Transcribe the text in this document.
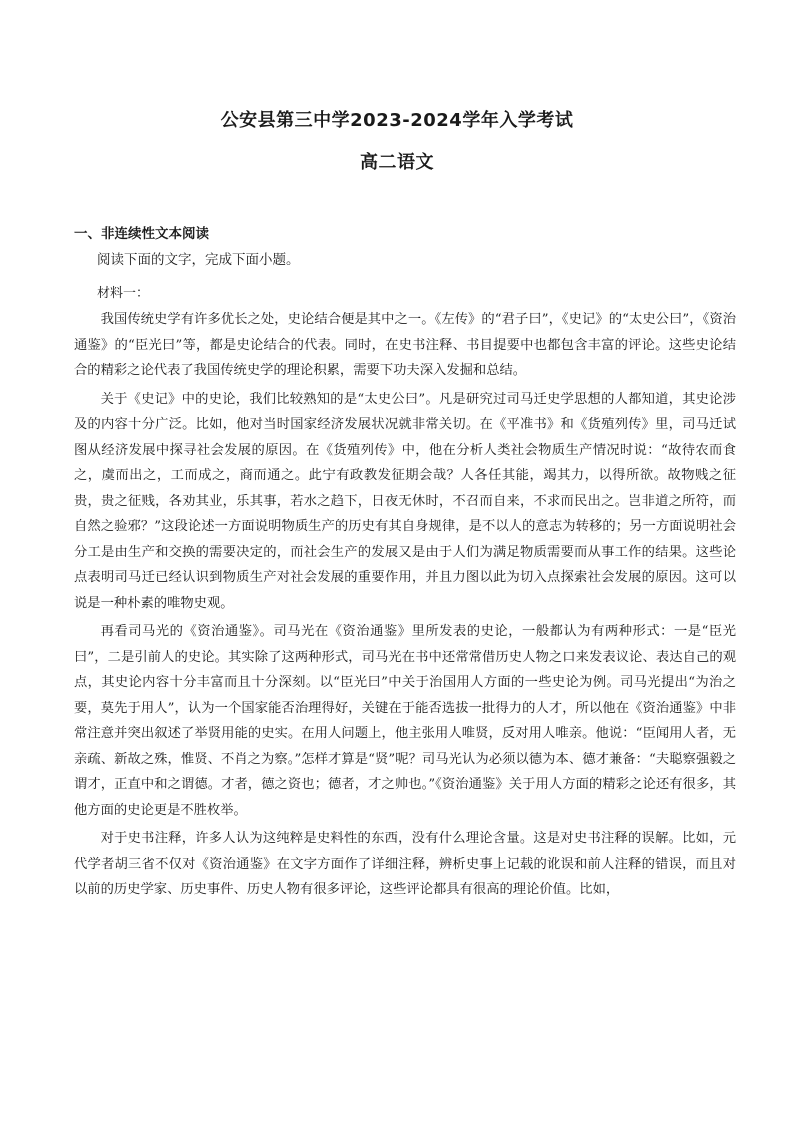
公安县第三中学2023-2024学年入学考试
高二语文
一、非连续性文本阅读
阅读下面的文字，完成下面小题。
材料一：

我国传统史学有许多优长之处，史论结合便是其中之一。《左传》的“君子曰”，《史记》的“太史公曰”，《资治通鉴》的“臣光曰”等，都是史论结合的代表。同时，在史书注释、书目提要中也都包含丰富的评论。这些史论结合的精彩之论代表了我国传统史学的理论积累，需要下功夫深入发掘和总结。

关于《史记》中的史论，我们比较熟知的是“太史公曰”。凡是研究过司马迁史学思想的人都知道，其史论涉及的内容十分广泛。比如，他对当时国家经济发展状况就非常关切。在《平准书》和《货殖列传》里，司马迁试图从经济发展中探寻社会发展的原因。在《货殖列传》中，他在分析人类社会物质生产情况时说：“故待农而食之，虞而出之，工而成之，商而通之。此宁有政教发征期会哉？人各任其能，竭其力，以得所欲。故物贱之征贵，贵之征贱，各劝其业，乐其事，若水之趋下，日夜无休时，不召而自来，不求而民出之。岂非道之所符，而自然之验邪？”这段论述一方面说明物质生产的历史有其自身规律，是不以人的意志为转移的；另一方面说明社会分工是由生产和交换的需要决定的，而社会生产的发展又是由于人们为满足物质需要而从事工作的结果。这些论点表明司马迁已经认识到物质生产对社会发展的重要作用，并且力图以此为切入点探索社会发展的原因。这可以说是一种朴素的唯物史观。

再看司马光的《资治通鉴》。司马光在《资治通鉴》里所发表的史论，一般都认为有两种形式：一是“臣光曰”，二是引前人的史论。其实除了这两种形式，司马光在书中还常常借历史人物之口来发表议论、表达自己的观点，其史论内容十分丰富而且十分深刻。以“臣光曰”中关于治国用人方面的一些史论为例。司马光提出“为治之要，莫先于用人”，认为一个国家能否治理得好，关键在于能否选拔一批得力的人才，所以他在《资治通鉴》中非常注意并突出叙述了举贤用能的史实。在用人问题上，他主张用人唯贤，反对用人唯亲。他说：“臣闻用人者，无亲疏、新故之殊，惟贤、不肖之为察。”怎样才算是“贤”呢？司马光认为必须以德为本、德才兼备：“夫聪察强毅之谓才，正直中和之谓德。才者，德之资也；德者，才之帅也。”《资治通鉴》关于用人方面的精彩之论还有很多，其他方面的史论更是不胜枚举。

对于史书注释，许多人认为这纯粹是史料性的东西，没有什么理论含量。这是对史书注释的误解。比如，元代学者胡三省不仅对《资治通鉴》在文字方面作了详细注释，辨析史事上记载的讹误和前人注释的错误，而且对以前的历史学家、历史事件、历史人物有很多评论，这些评论都具有很高的理论价值。比如，
